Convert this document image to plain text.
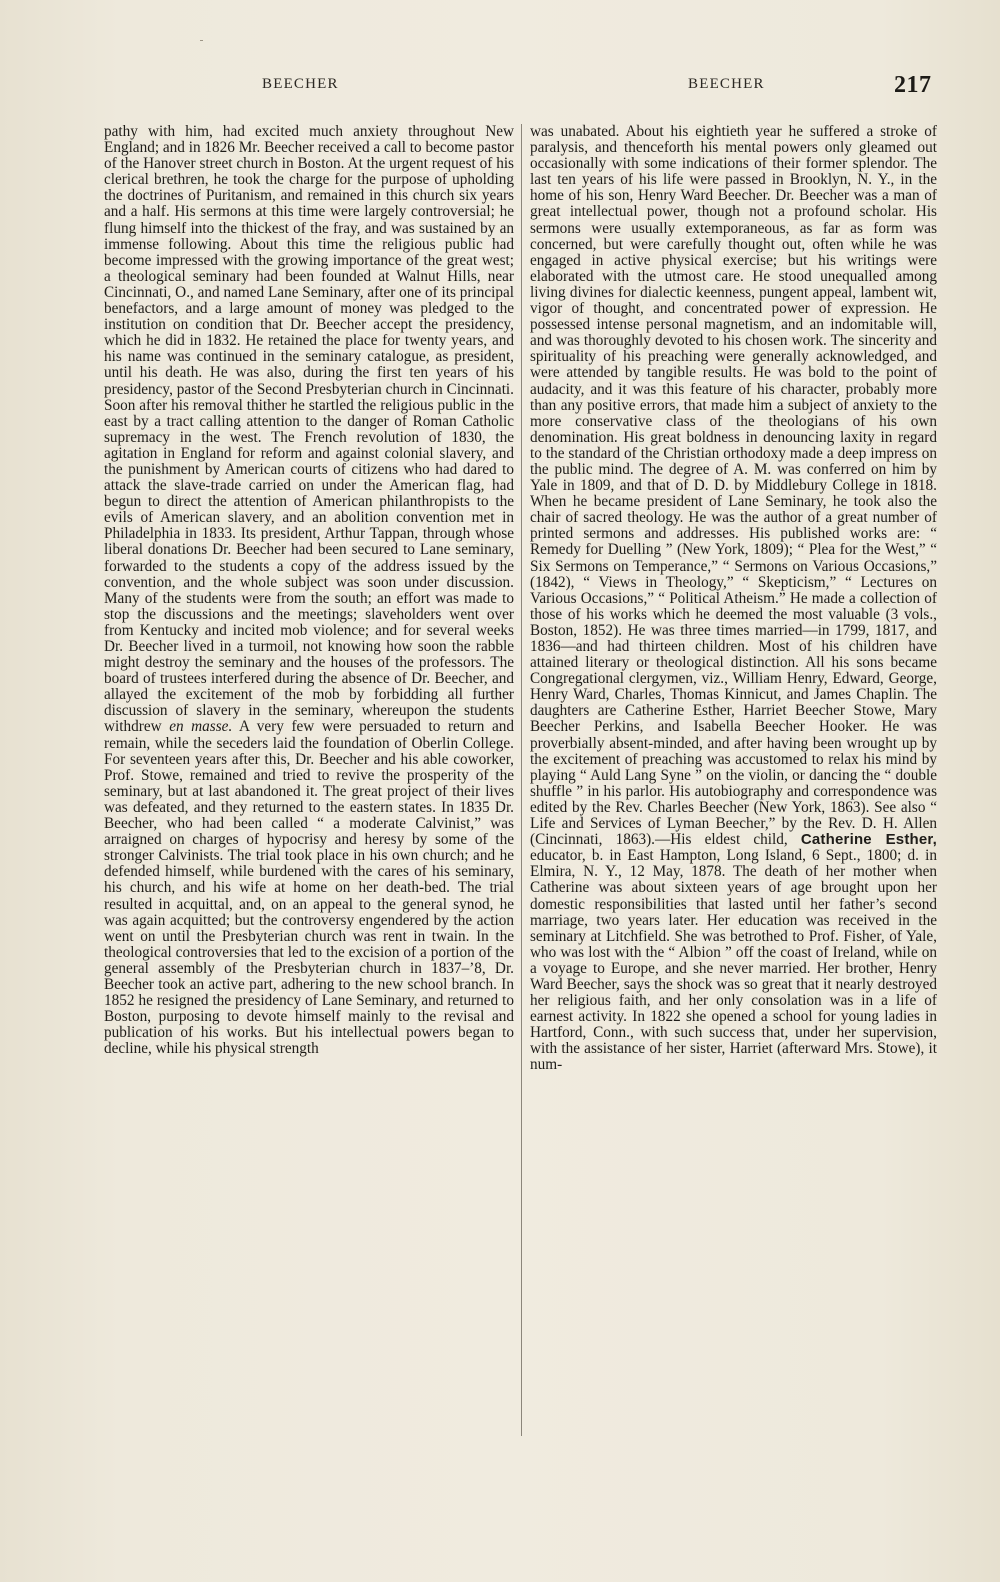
BEECHER	BEECHER	217

pathy with him, had excited much anxiety throughout New England; and in 1826 Mr. Beecher received a call to become pastor of the Hanover street church in Boston. At the urgent request of his clerical brethren, he took the charge for the purpose of upholding the doctrines of Puritanism, and remained in this church six years and a half. His sermons at this time were largely controversial; he flung himself into the thickest of the fray, and was sustained by an immense following. About this time the religious public had become impressed with the growing importance of the great west; a theological seminary had been founded at Walnut Hills, near Cincinnati, O., and named Lane Seminary, after one of its principal benefactors, and a large amount of money was pledged to the institution on condition that Dr. Beecher accept the presidency, which he did in 1832. He retained the place for twenty years, and his name was continued in the seminary catalogue, as president, until his death. He was also, during the first ten years of his presidency, pastor of the Second Presbyterian church in Cincinnati. Soon after his removal thither he startled the religious public in the east by a tract calling attention to the danger of Roman Catholic supremacy in the west. The French revolution of 1830, the agitation in England for reform and against colonial slavery, and the punishment by American courts of citizens who had dared to attack the slave-trade carried on under the American flag, had begun to direct the attention of American philanthropists to the evils of American slavery, and an abolition convention met in Philadelphia in 1833. Its president, Arthur Tappan, through whose liberal donations Dr. Beecher had been secured to Lane seminary, forwarded to the students a copy of the address issued by the convention, and the whole subject was soon under discussion. Many of the students were from the south; an effort was made to stop the discussions and the meetings; slaveholders went over from Kentucky and incited mob violence; and for several weeks Dr. Beecher lived in a turmoil, not knowing how soon the rabble might destroy the seminary and the houses of the professors. The board of trustees interfered during the absence of Dr. Beecher, and allayed the excitement of the mob by forbidding all further discussion of slavery in the seminary, whereupon the students withdrew en masse. A very few were persuaded to return and remain, while the seceders laid the foundation of Oberlin College. For seventeen years after this, Dr. Beecher and his able coworker, Prof. Stowe, remained and tried to revive the prosperity of the seminary, but at last abandoned it. The great project of their lives was defeated, and they returned to the eastern states. In 1835 Dr. Beecher, who had been called “ a moderate Calvinist,” was arraigned on charges of hypocrisy and heresy by some of the stronger Calvinists. The trial took place in his own church; and he defended himself, while burdened with the cares of his seminary, his church, and his wife at home on her death-bed. The trial resulted in acquittal, and, on an appeal to the general synod, he was again acquitted; but the controversy engendered by the action went on until the Presbyterian church was rent in twain. In the theological controversies that led to the excision of a portion of the general assembly of the Presbyterian church in 1837–’8, Dr. Beecher took an active part, adhering to the new school branch. In 1852 he resigned the presidency of Lane Seminary, and returned to Boston, purposing to devote himself mainly to the revisal and publication of his works. But his intellectual powers began to decline, while his physical strength

was unabated. About his eightieth year he suffered a stroke of paralysis, and thenceforth his mental powers only gleamed out occasionally with some indications of their former splendor. The last ten years of his life were passed in Brooklyn, N. Y., in the home of his son, Henry Ward Beecher. Dr. Beecher was a man of great intellectual power, though not a profound scholar. His sermons were usually extemporaneous, as far as form was concerned, but were carefully thought out, often while he was engaged in active physical exercise; but his writings were elaborated with the utmost care. He stood unequalled among living divines for dialectic keenness, pungent appeal, lambent wit, vigor of thought, and concentrated power of expression. He possessed intense personal magnetism, and an indomitable will, and was thoroughly devoted to his chosen work. The sincerity and spirituality of his preaching were generally acknowledged, and were attended by tangible results. He was bold to the point of audacity, and it was this feature of his character, probably more than any positive errors, that made him a subject of anxiety to the more conservative class of the theologians of his own denomination. His great boldness in denouncing laxity in regard to the standard of the Christian orthodoxy made a deep impress on the public mind. The degree of A. M. was conferred on him by Yale in 1809, and that of D. D. by Middlebury College in 1818. When he became president of Lane Seminary, he took also the chair of sacred theology. He was the author of a great number of printed sermons and addresses. His published works are: “ Remedy for Duelling ” (New York, 1809); “ Plea for the West,” “ Six Sermons on Temperance,” “ Sermons on Various Occasions,” (1842), “ Views in Theology,” “ Skepticism,” “ Lectures on Various Occasions,” “ Political Atheism.” He made a collection of those of his works which he deemed the most valuable (3 vols., Boston, 1852). He was three times married—in 1799, 1817, and 1836—and had thirteen children. Most of his children have attained literary or theological distinction. All his sons became Congregational clergymen, viz., William Henry, Edward, George, Henry Ward, Charles, Thomas Kinnicut, and James Chaplin. The daughters are Catherine Esther, Harriet Beecher Stowe, Mary Beecher Perkins, and Isabella Beecher Hooker. He was proverbially absent-minded, and after having been wrought up by the excitement of preaching was accustomed to relax his mind by playing “ Auld Lang Syne ” on the violin, or dancing the “ double shuffle ” in his parlor. His autobiography and correspondence was edited by the Rev. Charles Beecher (New York, 1863). See also “ Life and Services of Lyman Beecher,” by the Rev. D. H. Allen (Cincinnati, 1863).—His eldest child, Catherine Esther, educator, b. in East Hampton, Long Island, 6 Sept., 1800; d. in Elmira, N. Y., 12 May, 1878. The death of her mother when Catherine was about sixteen years of age brought upon her domestic responsibilities that lasted until her father’s second marriage, two years later. Her education was received in the seminary at Litchfield. She was betrothed to Prof. Fisher, of Yale, who was lost with the “ Albion ” off the coast of Ireland, while on a voyage to Europe, and she never married. Her brother, Henry Ward Beecher, says the shock was so great that it nearly destroyed her religious faith, and her only consolation was in a life of earnest activity. In 1822 she opened a school for young ladies in Hartford, Conn., with such success that, under her supervision, with the assistance of her sister, Harriet (afterward Mrs. Stowe), it num-
